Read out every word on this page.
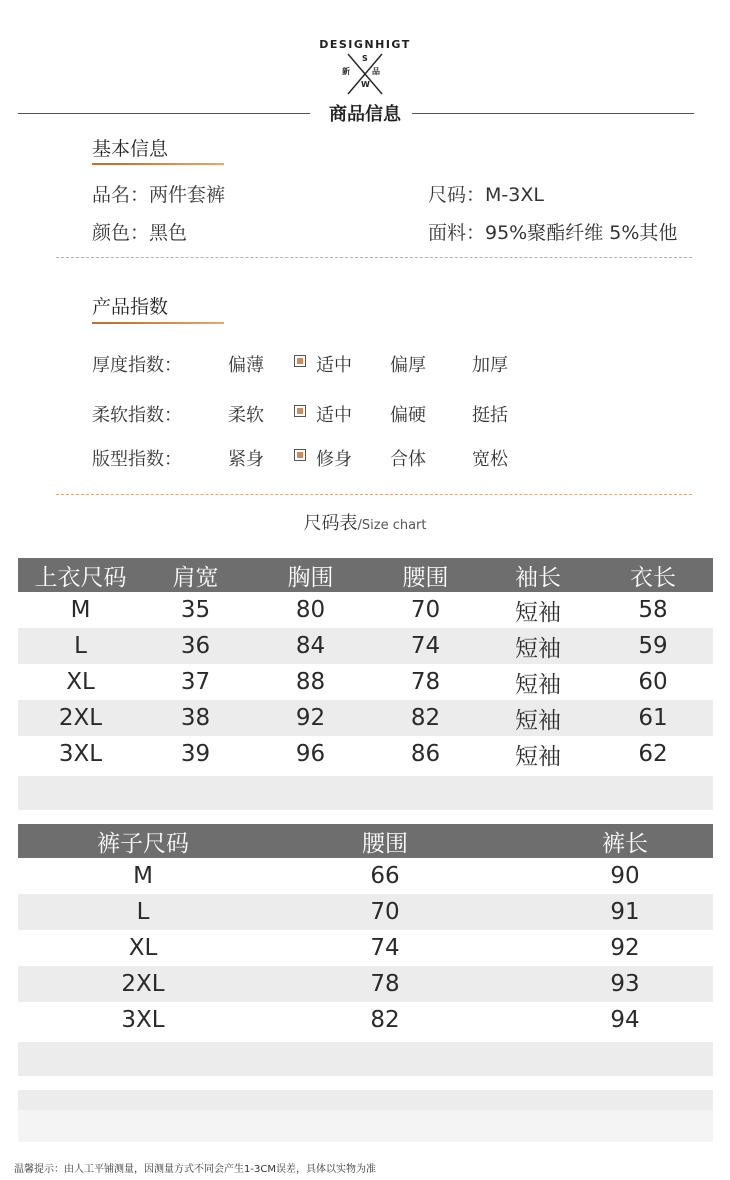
DESIGNHIGT
S
新	品
W
商品信息
基本信息
品名：两件套裤	尺码：M-3XL
颜色：黑色	面料：95%聚酯纤维 5%其他
产品指数
厚度指数：	偏薄	适中 偏厚	加厚
柔软指数：	柔软	适中 偏硬	挺括
版型指数：	紧身	修身 合体	宽松
尺码表/Size chart
上衣尺码	肩宽	胸围	腰围	袖长	衣长
M	35	80	70	短袖	58
L	36	84	74	短袖	59
XL	37	88	78	短袖	60
2XL	38	92	82	短袖	61
3XL	39	96	86	短袖	62
裤子尺码	腰围	裤长
M	66	90
L	70	91
XL	74	92
2XL	78	93
3XL	82	94
温馨提示：由人工平铺测量，因测量方式不同会产生1-3CM误差，具体以实物为准
